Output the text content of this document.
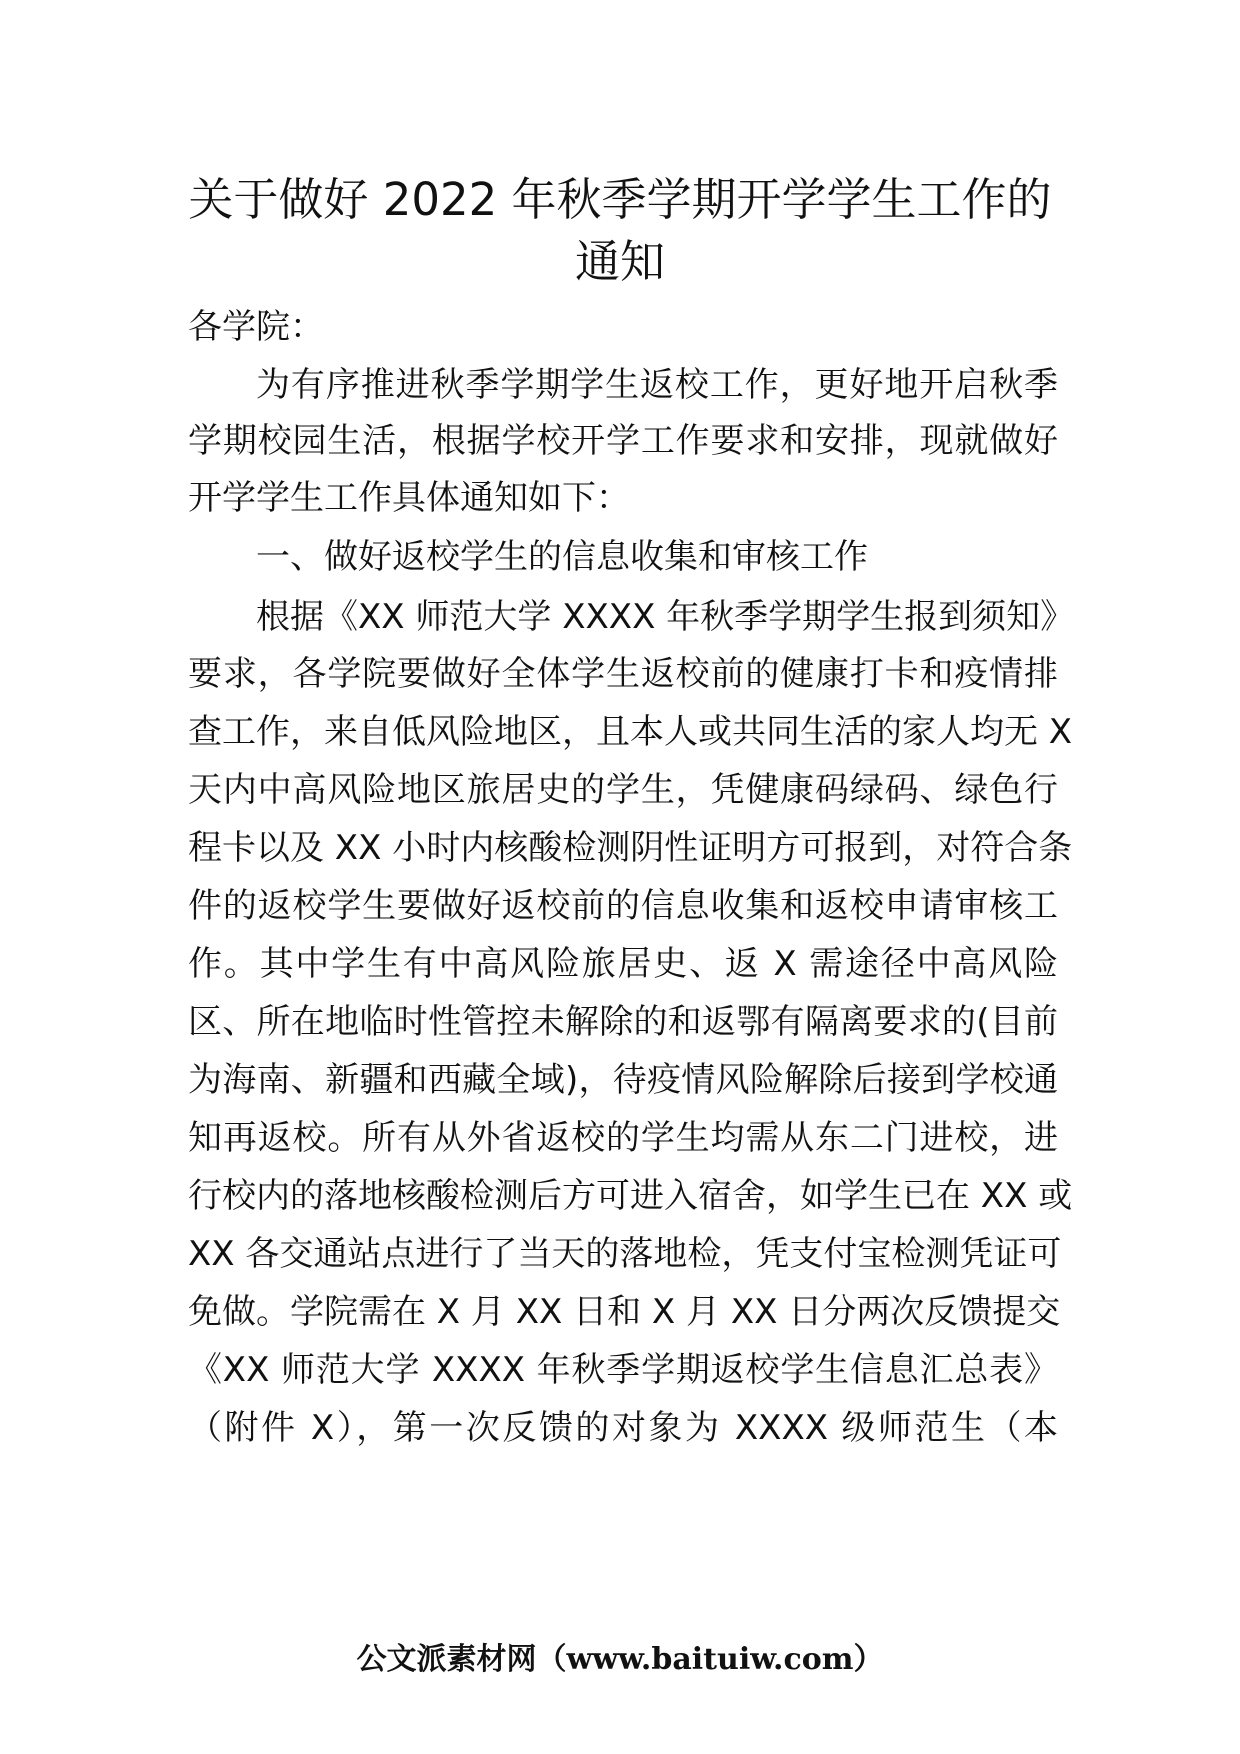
关于做好 2022 年秋季学期开学学生工作的
通知
各学院：
为有序推进秋季学期学生返校工作，更好地开启秋季
学期校园生活，根据学校开学工作要求和安排，现就做好
开学学生工作具体通知如下：
一、做好返校学生的信息收集和审核工作
根据《XX 师范大学 XXXX 年秋季学期学生报到须知》
要求，各学院要做好全体学生返校前的健康打卡和疫情排
查工作，来自低风险地区，且本人或共同生活的家人均无 X
天内中高风险地区旅居史的学生，凭健康码绿码、绿色行
程卡以及 XX 小时内核酸检测阴性证明方可报到，对符合条
件的返校学生要做好返校前的信息收集和返校申请审核工
作。其中学生有中高风险旅居史、返 X 需途径中高风险
区、所在地临时性管控未解除的和返鄂有隔离要求的(目前
为海南、新疆和西藏全域)，待疫情风险解除后接到学校通
知再返校。所有从外省返校的学生均需从东二门进校，进
行校内的落地核酸检测后方可进入宿舍，如学生已在 XX 或
XX 各交通站点进行了当天的落地检，凭支付宝检测凭证可
免做。学院需在 X 月 XX 日和 X 月 XX 日分两次反馈提交
《XX 师范大学 XXXX 年秋季学期返校学生信息汇总表》
（附件 X），第一次反馈的对象为 XXXX 级师范生（本
公文派素材网（www.baituiw.com）
